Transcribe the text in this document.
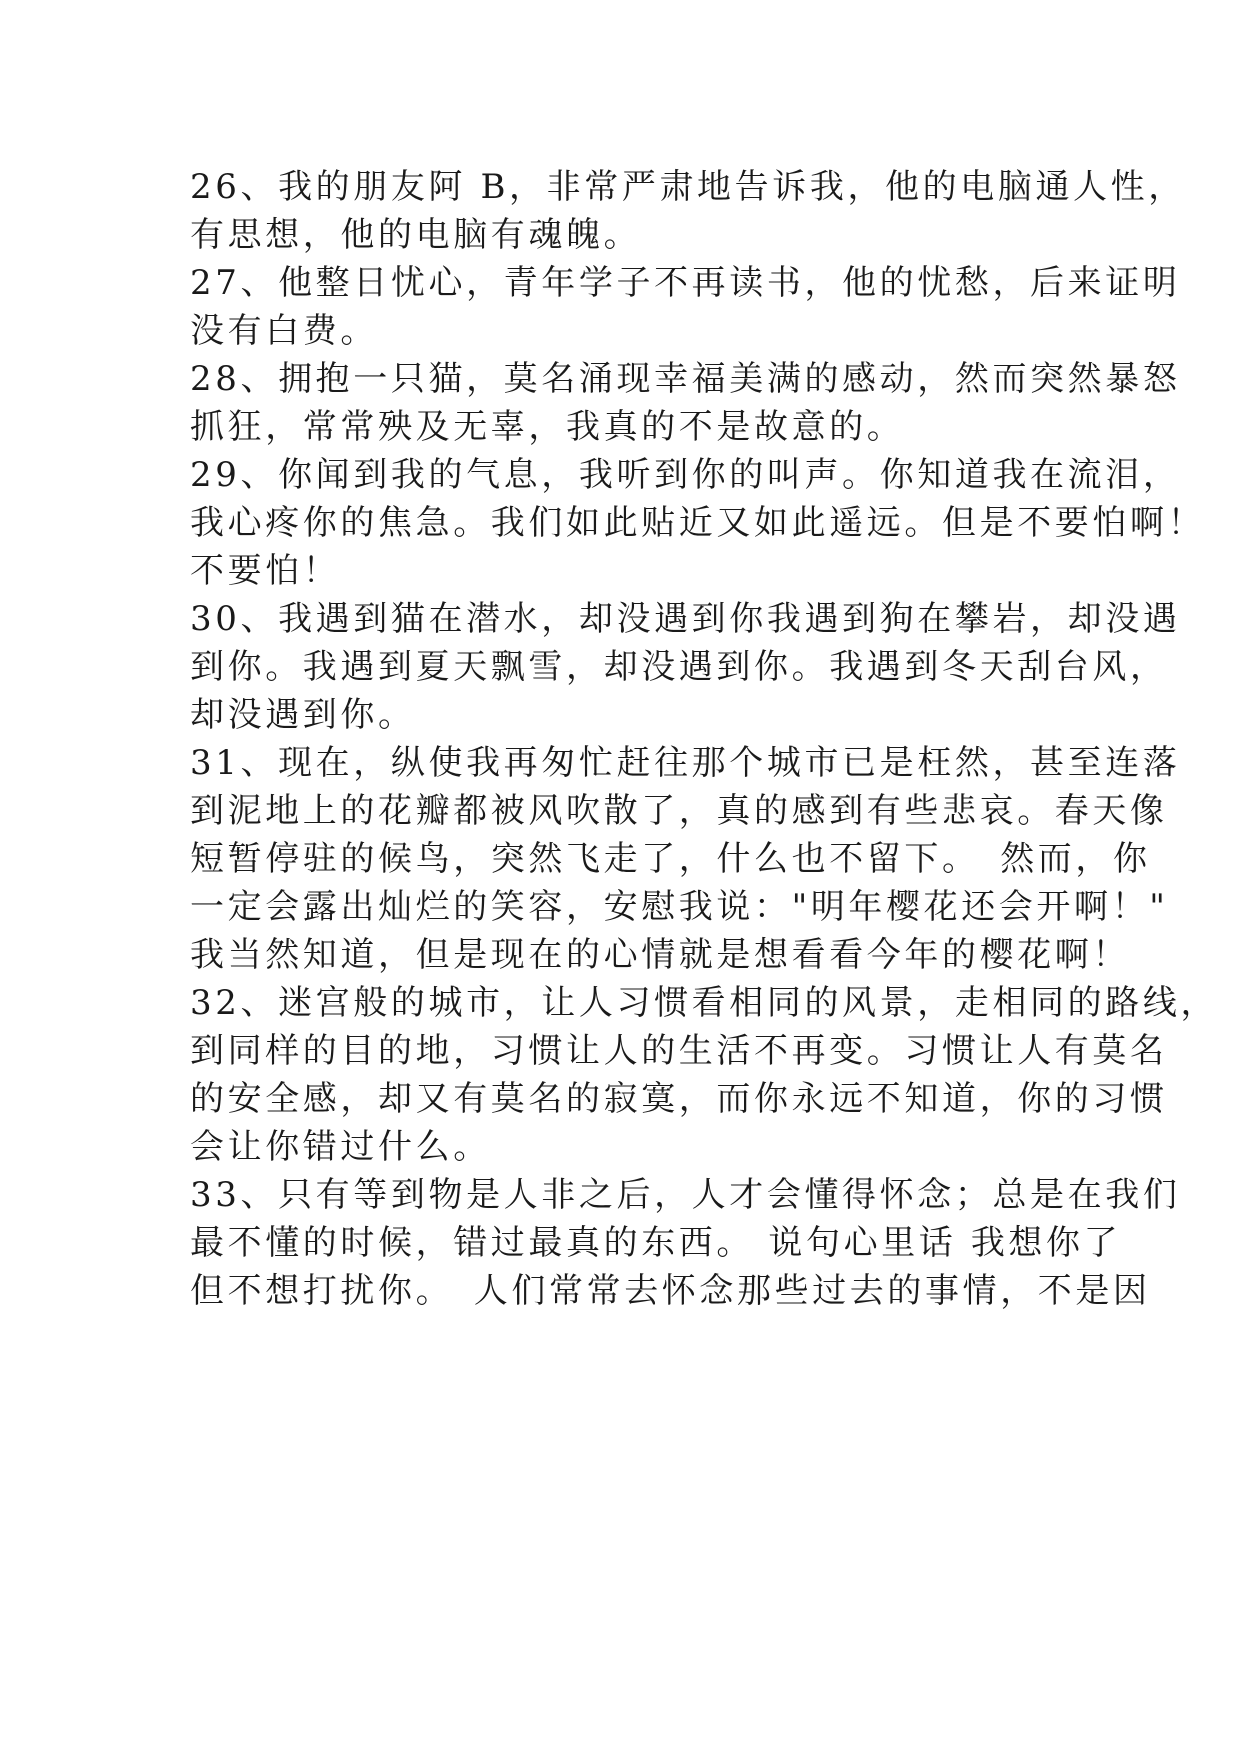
26、我的朋友阿 B，非常严肃地告诉我，他的电脑通人性，
有思想，他的电脑有魂魄。
27、他整日忧心，青年学子不再读书，他的忧愁，后来证明
没有白费。
28、拥抱一只猫，莫名涌现幸福美满的感动，然而突然暴怒
抓狂，常常殃及无辜，我真的不是故意的。
29、你闻到我的气息，我听到你的叫声。你知道我在流泪，
我心疼你的焦急。我们如此贴近又如此遥远。但是不要怕啊！
不要怕！
30、我遇到猫在潜水，却没遇到你我遇到狗在攀岩，却没遇
到你。我遇到夏天飘雪，却没遇到你。我遇到冬天刮台风，
却没遇到你。
31、现在，纵使我再匆忙赶往那个城市已是枉然，甚至连落
到泥地上的花瓣都被风吹散了，真的感到有些悲哀。春天像
短暂停驻的候鸟，突然飞走了，什么也不留下。　然而，你
一定会露出灿烂的笑容，安慰我说："明年樱花还会开啊！"
我当然知道，但是现在的心情就是想看看今年的樱花啊！
32、迷宫般的城市，让人习惯看相同的风景，走相同的路线，
到同样的目的地，习惯让人的生活不再变。习惯让人有莫名
的安全感，却又有莫名的寂寞，而你永远不知道，你的习惯
会让你错过什么。
33、只有等到物是人非之后，人才会懂得怀念；总是在我们
最不懂的时候，错过最真的东西。 说句心里话 我想你了
但不想打扰你。　人们常常去怀念那些过去的事情，不是因
